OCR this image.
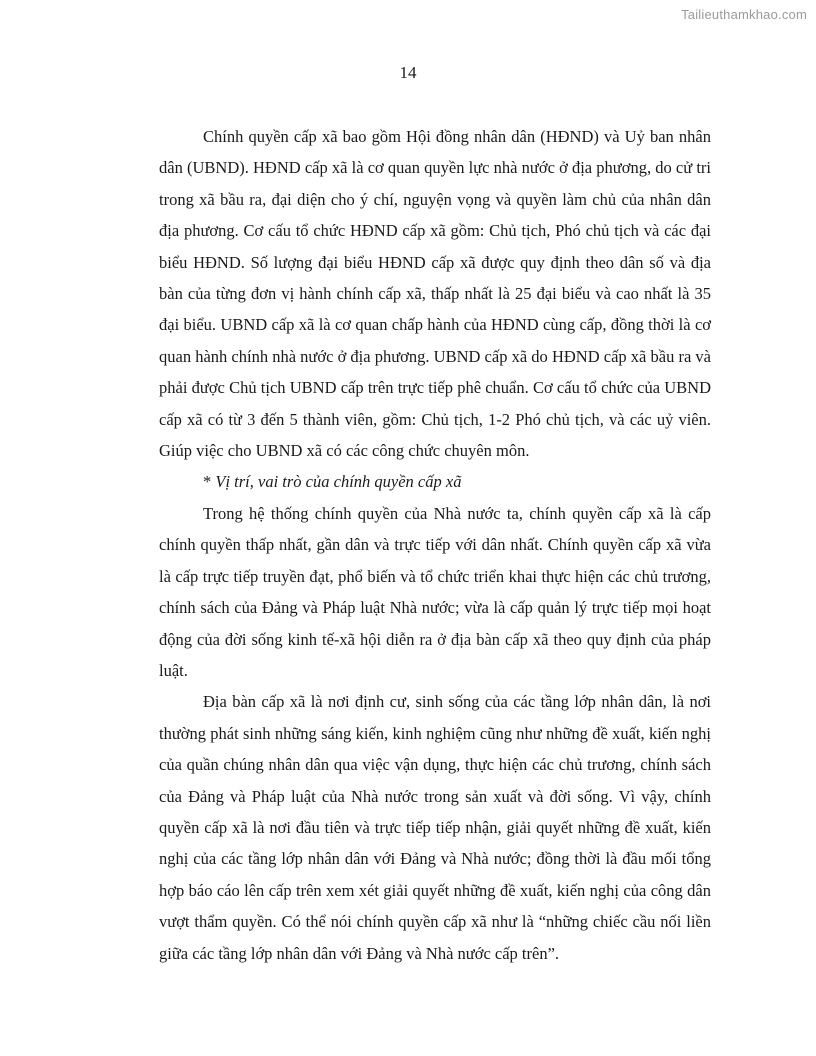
Tailieuthamkhao.com
14

Chính quyền cấp xã bao gồm Hội đồng nhân dân (HĐND) và Uỷ ban nhân dân (UBND). HĐND cấp xã là cơ quan quyền lực nhà nước ở địa phương, do cử tri trong xã bầu ra, đại diện cho ý chí, nguyện vọng và quyền làm chủ của nhân dân địa phương. Cơ cấu tổ chức HĐND cấp xã gồm: Chủ tịch, Phó chủ tịch và các đại biểu HĐND. Số lượng đại biểu HĐND cấp xã được quy định theo dân số và địa bàn của từng đơn vị hành chính cấp xã, thấp nhất là 25 đại biểu và cao nhất là 35 đại biểu. UBND cấp xã là cơ quan chấp hành của HĐND cùng cấp, đồng thời là cơ quan hành chính nhà nước ở địa phương. UBND cấp xã do HĐND cấp xã bầu ra và phải được Chủ tịch UBND cấp trên trực tiếp phê chuẩn. Cơ cấu tổ chức của UBND cấp xã có từ 3 đến 5 thành viên, gồm: Chủ tịch, 1-2 Phó chủ tịch, và các uỷ viên. Giúp việc cho UBND xã có các công chức chuyên môn.

* Vị trí, vai trò của chính quyền cấp xã

Trong hệ thống chính quyền của Nhà nước ta, chính quyền cấp xã là cấp chính quyền thấp nhất, gần dân và trực tiếp với dân nhất. Chính quyền cấp xã vừa là cấp trực tiếp truyền đạt, phổ biến và tổ chức triển khai thực hiện các chủ trương, chính sách của Đảng và Pháp luật Nhà nước; vừa là cấp quản lý trực tiếp mọi hoạt động của đời sống kinh tế-xã hội diễn ra ở địa bàn cấp xã theo quy định của pháp luật.

Địa bàn cấp xã là nơi định cư, sinh sống của các tầng lớp nhân dân, là nơi thường phát sinh những sáng kiến, kinh nghiệm cũng như những đề xuất, kiến nghị của quần chúng nhân dân qua việc vận dụng, thực hiện các chủ trương, chính sách của Đảng và Pháp luật của Nhà nước trong sản xuất và đời sống. Vì vậy, chính quyền cấp xã là nơi đầu tiên và trực tiếp tiếp nhận, giải quyết những đề xuất, kiến nghị của các tầng lớp nhân dân với Đảng và Nhà nước; đồng thời là đầu mối tổng hợp báo cáo lên cấp trên xem xét giải quyết những đề xuất, kiến nghị của công dân vượt thẩm quyền. Có thể nói chính quyền cấp xã như là “những chiếc cầu nối liền giữa các tầng lớp nhân dân với Đảng và Nhà nước cấp trên”.
